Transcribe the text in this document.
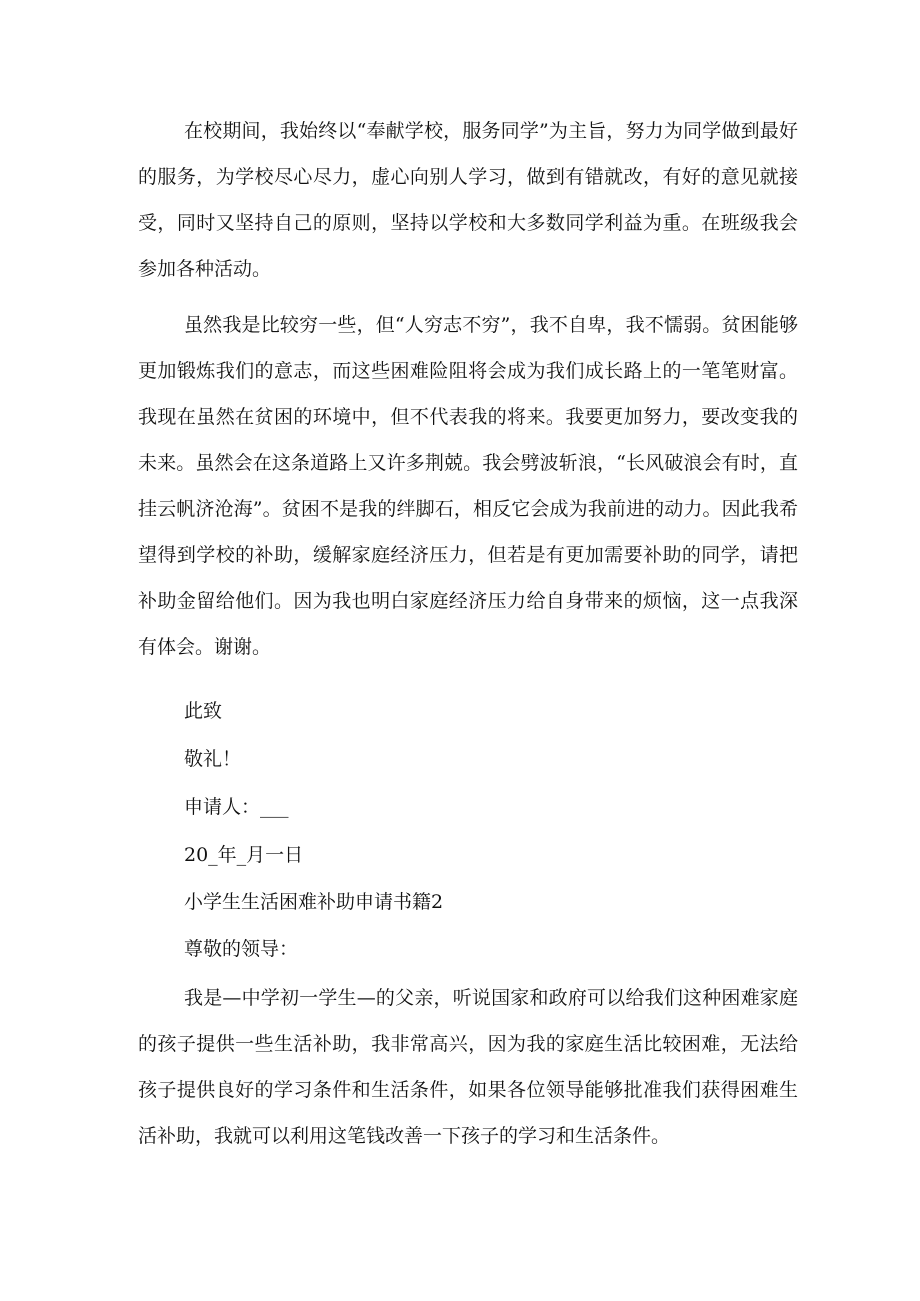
在校期间，我始终以“奉献学校，服务同学”为主旨，努力为同学做到最好的服务，为学校尽心尽力，虚心向别人学习，做到有错就改，有好的意见就接受，同时又坚持自己的原则，坚持以学校和大多数同学利益为重。在班级我会参加各种活动。

虽然我是比较穷一些，但“人穷志不穷”，我不自卑，我不懦弱。贫困能够更加锻炼我们的意志，而这些困难险阻将会成为我们成长路上的一笔笔财富。我现在虽然在贫困的环境中，但不代表我的将来。我要更加努力，要改变我的未来。虽然会在这条道路上又许多荆兢。我会劈波斩浪，“长风破浪会有时，直挂云帆济沧海”。贫困不是我的绊脚石，相反它会成为我前进的动力。因此我希望得到学校的补助，缓解家庭经济压力，但若是有更加需要补助的同学，请把补助金留给他们。因为我也明白家庭经济压力给自身带来的烦恼，这一点我深有体会。谢谢。

此致

敬礼！

申请人：___

20_年_月一日

小学生生活困难补助申请书籍2

尊敬的领导：

我是—中学初一学生—的父亲，听说国家和政府可以给我们这种困难家庭的孩子提供一些生活补助，我非常高兴，因为我的家庭生活比较困难，无法给孩子提供良好的学习条件和生活条件，如果各位领导能够批准我们获得困难生活补助，我就可以利用这笔钱改善一下孩子的学习和生活条件。
